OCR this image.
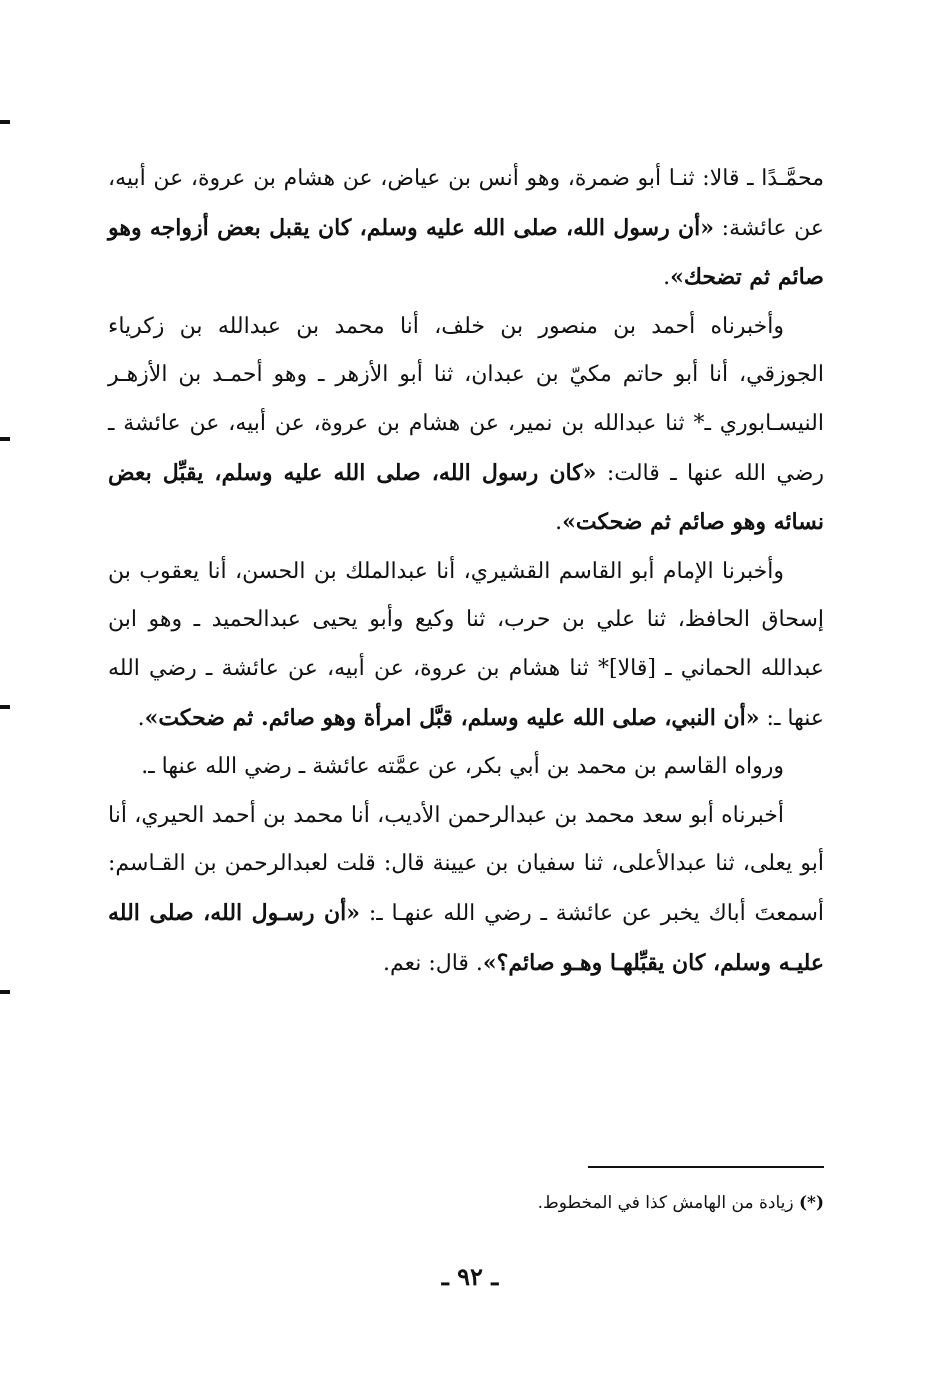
محمَّـدًا ـ قالا: ثنـا أبو ضمرة، وهو أنس بن عياض، عن هشام بن عروة، عن أبيه، عن عائشة: «أن رسول الله، صلى الله عليه وسلم، كان يقبل بعض أزواجه وهو صائم ثم تضحك».

وأخبرناه أحمد بن منصور بن خلف، أنا محمد بن عبدالله بن زكرياء الجوزقي، أنا أبو حاتم مكيّ بن عبدان، ثنا أبو الأزهر ـ وهو أحمـد بن الأزهـر النيسـابوري ـ* ثنا عبدالله بن نمير، عن هشام بن عروة، عن أبيه، عن عائشة ـ رضي الله عنها ـ قالت: «كان رسول الله، صلى الله عليه وسلم، يقبِّل بعض نسائه وهو صائم ثم ضحكت».

وأخبرنا الإمام أبو القاسم القشيري، أنا عبدالملك بن الحسن، أنا يعقوب بن إسحاق الحافظ، ثنا علي بن حرب، ثنا وكيع وأبو يحيى عبدالحميد ـ وهو ابن عبدالله الحماني ـ [قالا]* ثنا هشام بن عروة، عن أبيه، عن عائشة ـ رضي الله عنها ـ: «أن النبي، صلى الله عليه وسلم، قبَّل امرأة وهو صائم. ثم ضحكت».

ورواه القاسم بن محمد بن أبي بكر، عن عمَّته عائشة ـ رضي الله عنها ـ.

أخبرناه أبو سعد محمد بن عبدالرحمن الأديب، أنا محمد بن أحمد الحيري، أنا أبو يعلى، ثنا عبدالأعلى، ثنا سفيان بن عيينة قال: قلت لعبدالرحمن بن القـاسم: أسمعتَ أباك يخبر عن عائشة ـ رضي الله عنهـا ـ: «أن رسـول الله، صلى الله عليـه وسلم، كان يقبِّلهـا وهـو صائم؟». قال: نعم.

(*) زيادة من الهامش كذا في المخطوط.
ـ ٩٢ ـ
